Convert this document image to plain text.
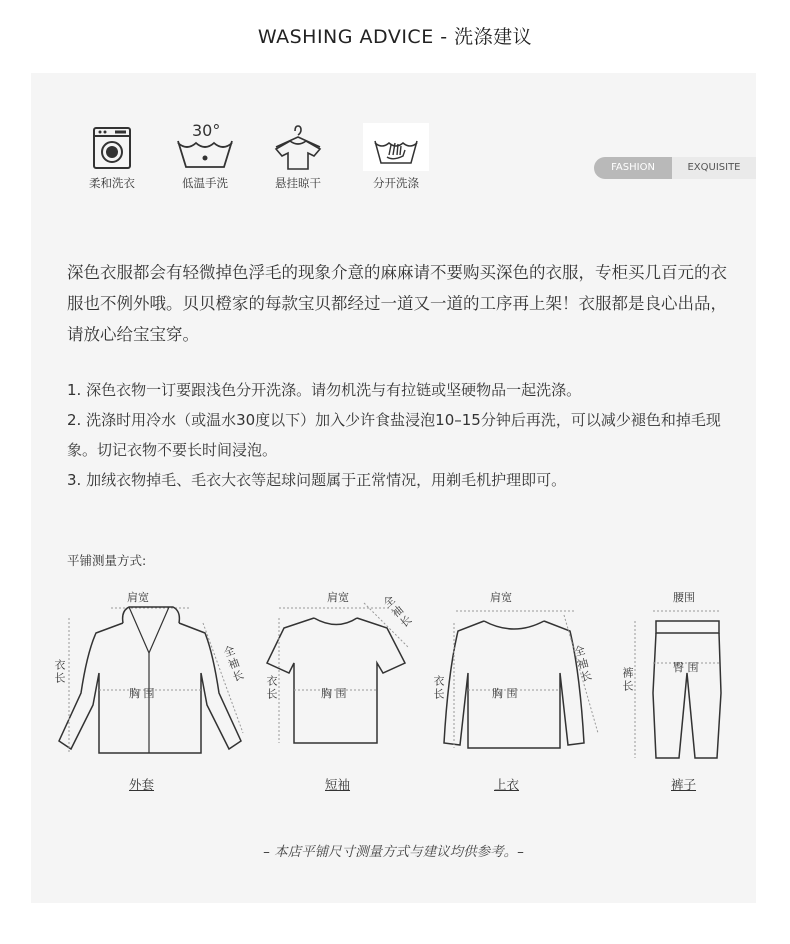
WASHING ADVICE - 洗涤建议
柔和洗衣
30°
低温手洗	悬挂晾干	分开洗涤
FASHION	EXQUISITE
深色衣服都会有轻微掉色浮毛的现象介意的麻麻请不要购买深色的衣服，专柜买几百元的衣服也不例外哦。贝贝橙家的每款宝贝都经过一道又一道的工序再上架！衣服都是良心出品，请放心给宝宝穿。
1. 深色衣物一订要跟浅色分开洗涤。请勿机洗与有拉链或坚硬物品一起洗涤。
2. 洗涤时用冷水（或温水30度以下）加入少许食盐浸泡10–15分钟后再洗，可以减少褪色和掉毛现象。切记衣物不要长时间浸泡。
3. 加绒衣物掉毛、毛衣大衣等起球问题属于正常情况，用剃毛机护理即可。
平铺测量方式:
肩宽
衣长
胸 围
全袖长
外套
肩宽
衣长	胸 围
全袖长
短袖
肩宽
衣长	胸 围
全袖长
上衣
腰围
裤长	臀 围
裤子
– 本店平铺尺寸测量方式与建议均供参考。–
